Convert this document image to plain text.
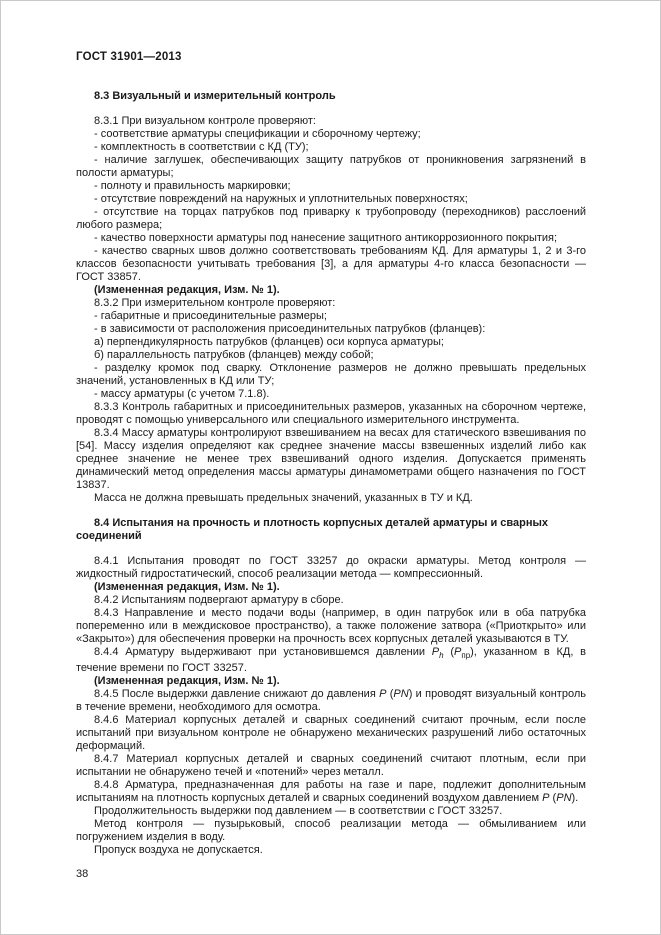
ГОСТ 31901—2013

8.3 Визуальный и измерительный контроль

8.3.1 При визуальном контроле проверяют:

- соответствие арматуры спецификации и сборочному чертежу;

- комплектность в соответствии с КД (ТУ);

- наличие заглушек, обеспечивающих защиту патрубков от проникновения загрязнений в полости арматуры;

- полноту и правильность маркировки;

- отсутствие повреждений на наружных и уплотнительных поверхностях;

- отсутствие на торцах патрубков под приварку к трубопроводу (переходников) расслоений любого размера;

- качество поверхности арматуры под нанесение защитного антикоррозионного покрытия;

- качество сварных швов должно соответствовать требованиям КД. Для арматуры 1, 2 и 3-го классов безопасности учитывать требования [3], а для арматуры 4-го класса безопасности — ГОСТ 33857.

(Измененная редакция, Изм. № 1).

8.3.2 При измерительном контроле проверяют:

- габаритные и присоединительные размеры;

- в зависимости от расположения присоединительных патрубков (фланцев):

а) перпендикулярность патрубков (фланцев) оси корпуса арматуры;

б) параллельность патрубков (фланцев) между собой;

- разделку кромок под сварку. Отклонение размеров не должно превышать предельных значений, установленных в КД или ТУ;

- массу арматуры (с учетом 7.1.8).

8.3.3 Контроль габаритных и присоединительных размеров, указанных на сборочном чертеже, проводят с помощью универсального или специального измерительного инструмента.

8.3.4 Массу арматуры контролируют взвешиванием на весах для статического взвешивания по [54]. Массу изделия определяют как среднее значение массы взвешенных изделий либо как среднее значение не менее трех взвешиваний одного изделия. Допускается применять динамический метод определения массы арматуры динамометрами общего назначения по ГОСТ 13837.

Масса не должна превышать предельных значений, указанных в ТУ и КД.

8.4 Испытания на прочность и плотность корпусных деталей арматуры и сварных соединений

8.4.1 Испытания проводят по ГОСТ 33257 до окраски арматуры. Метод контроля — жидкостный гидростатический, способ реализации метода — компрессионный.

(Измененная редакция, Изм. № 1).

8.4.2 Испытаниям подвергают арматуру в сборе.

8.4.3 Направление и место подачи воды (например, в один патрубок или в оба патрубка попеременно или в междисковое пространство), а также положение затвора («Приоткрыто» или «Закрыто») для обеспечения проверки на прочность всех корпусных деталей указываются в ТУ.

8.4.4 Арматуру выдерживают при установившемся давлении $P_h$ $(P_{пр})$, указанном в КД, в течение времени по ГОСТ 33257.

(Измененная редакция, Изм. № 1).

8.4.5 После выдержки давление снижают до давления P (PN) и проводят визуальный контроль в течение времени, необходимого для осмотра.

8.4.6 Материал корпусных деталей и сварных соединений считают прочным, если после испытаний при визуальном контроле не обнаружено механических разрушений либо остаточных деформаций.

8.4.7 Материал корпусных деталей и сварных соединений считают плотным, если при испытании не обнаружено течей и «потений» через металл.

8.4.8 Арматура, предназначенная для работы на газе и паре, подлежит дополнительным испытаниям на плотность корпусных деталей и сварных соединений воздухом давлением P (PN).

Продолжительность выдержки под давлением — в соответствии с ГОСТ 33257.

Метод контроля — пузырьковый, способ реализации метода — обмыливанием или погружением изделия в воду.

Пропуск воздуха не допускается.

38
